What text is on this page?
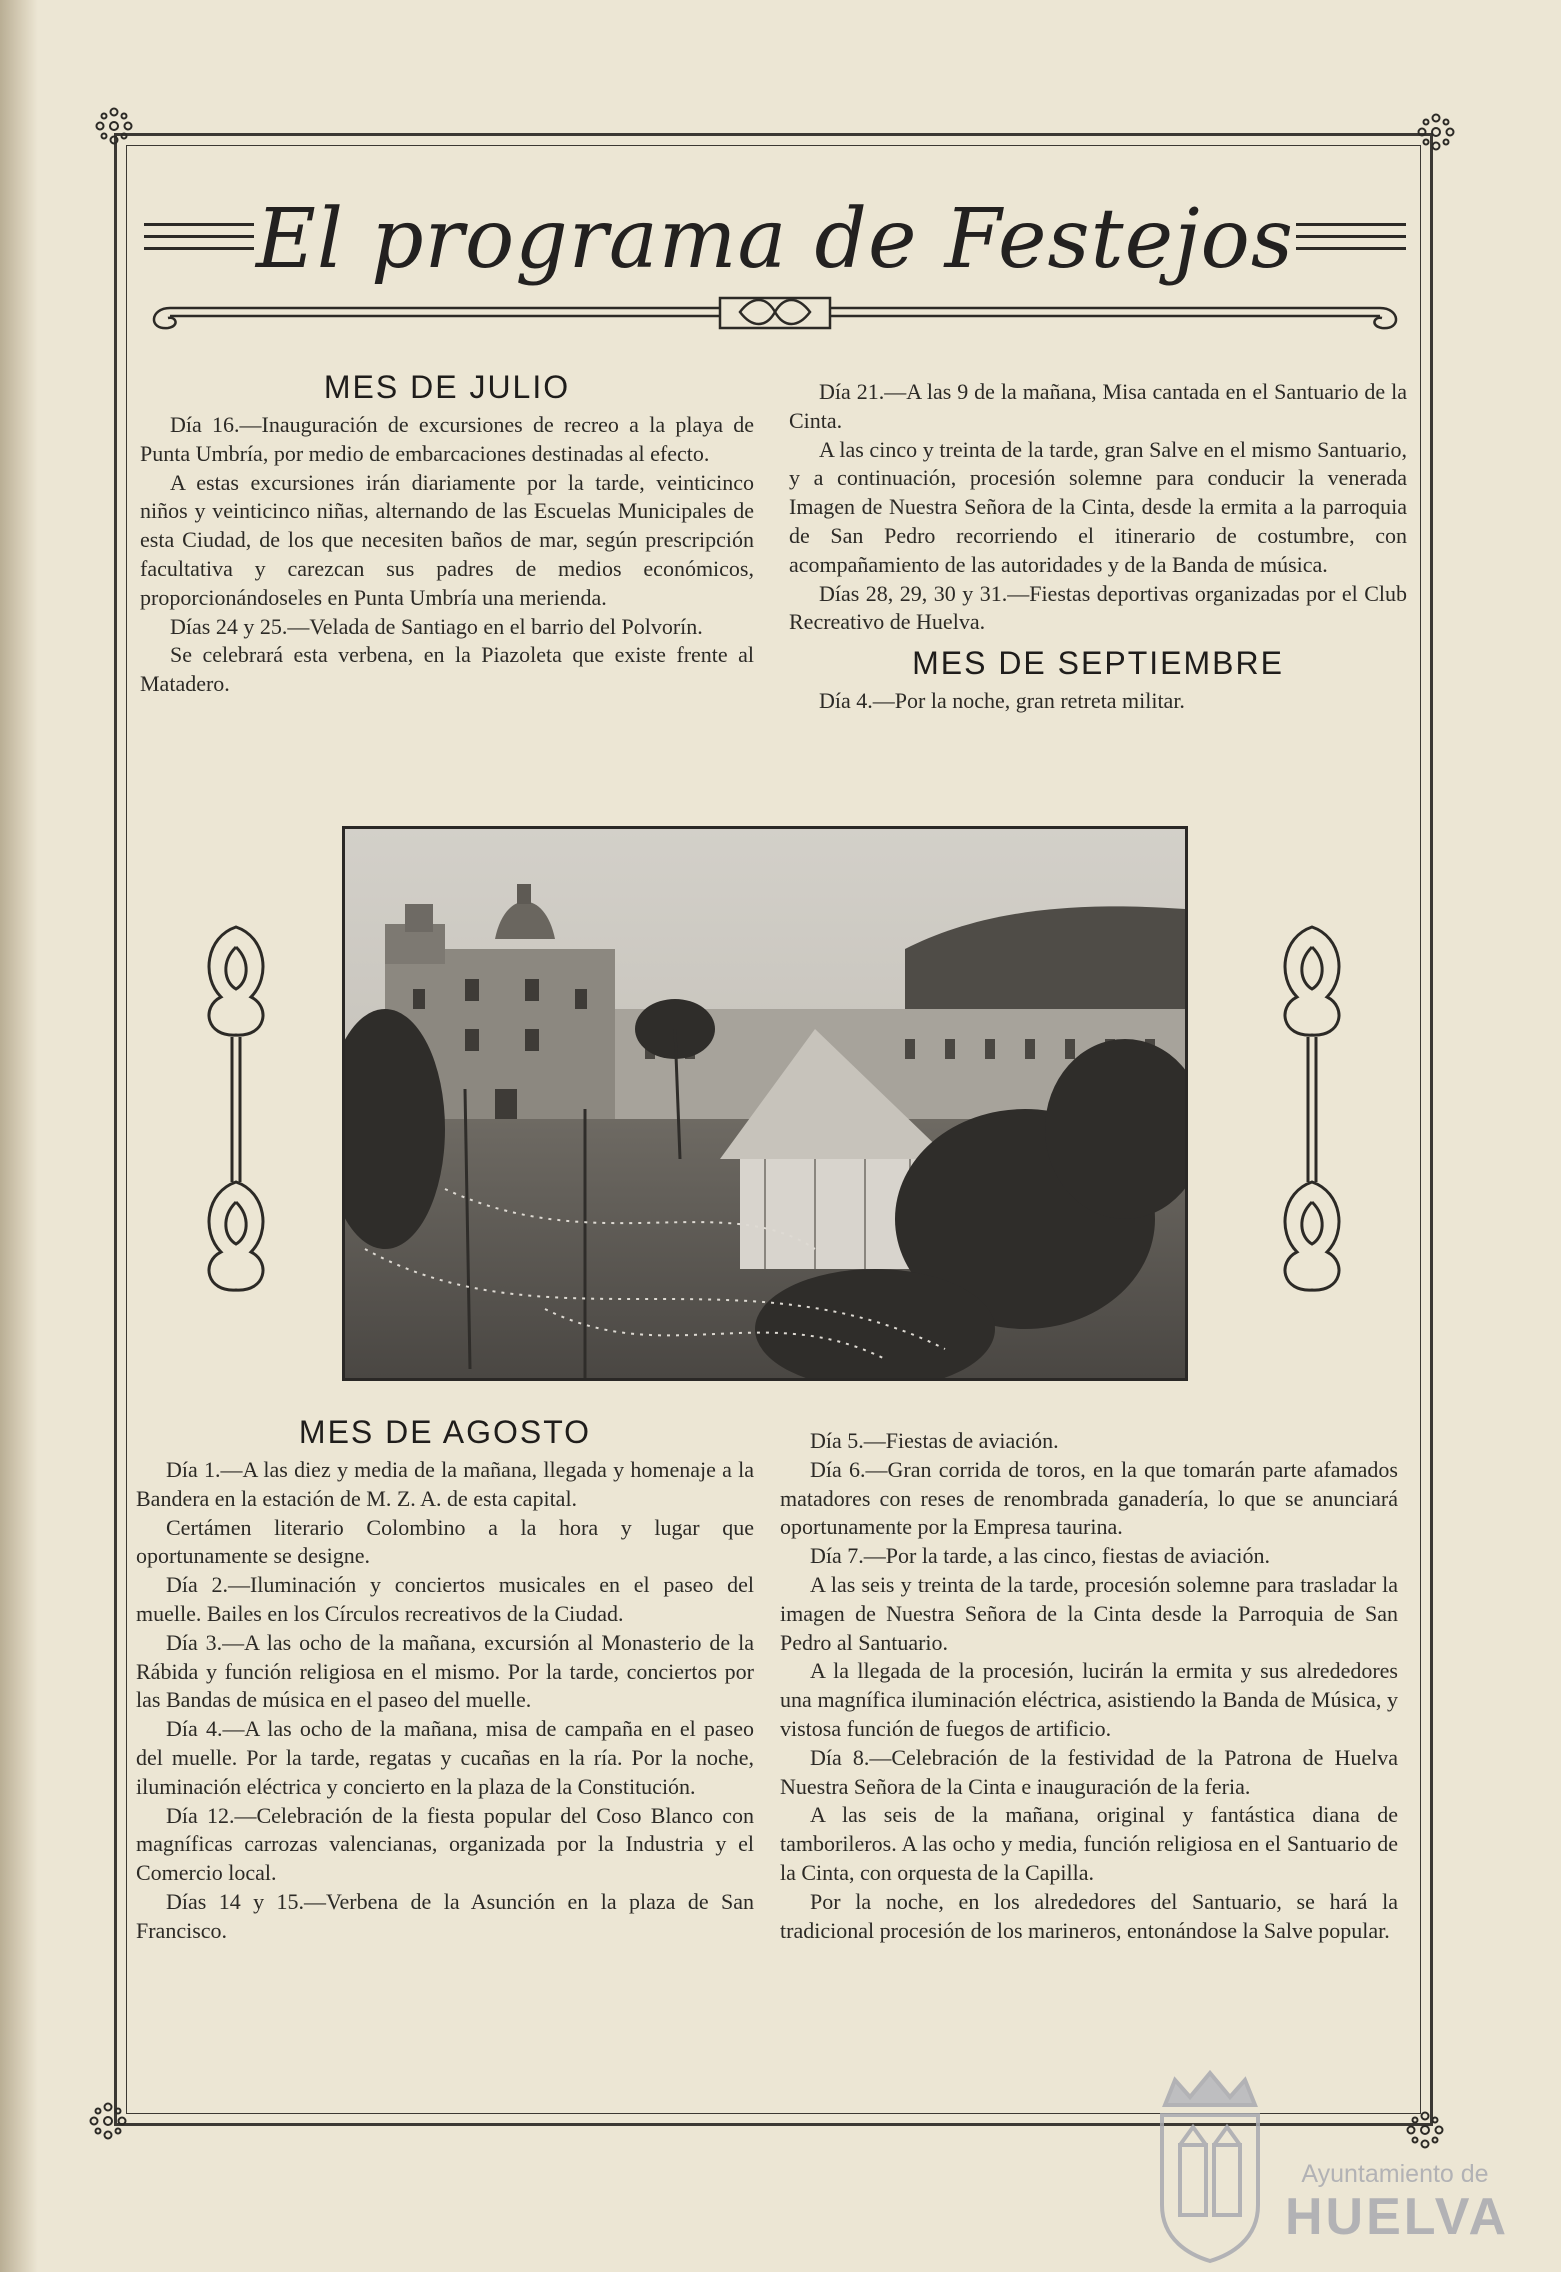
El programa de Festejos
MES DE JULIO

Día 16.—Inauguración de excursiones de recreo a la playa de Punta Umbría, por medio de embarcaciones destinadas al efecto.

A estas excursiones irán diariamente por la tarde, veinticinco niños y veinticinco niñas, alternando de las Escuelas Municipales de esta Ciudad, de los que necesiten baños de mar, según prescripción facultativa y carezcan sus padres de medios económicos, proporcionándoseles en Punta Umbría una merienda.

Días 24 y 25.—Velada de Santiago en el barrio del Polvorín.

Se celebrará esta verbena, en la Piazoleta que existe frente al Matadero.

Día 21.—A las 9 de la mañana, Misa cantada en el Santuario de la Cinta.

A las cinco y treinta de la tarde, gran Salve en el mismo Santuario, y a continuación, procesión solemne para conducir la venerada Imagen de Nuestra Señora de la Cinta, desde la ermita a la parroquia de San Pedro recorriendo el itinerario de costumbre, con acompañamiento de las autoridades y de la Banda de música.

Días 28, 29, 30 y 31.—Fiestas deportivas organizadas por el Club Recreativo de Huelva.

MES DE SEPTIEMBRE

Día 4.—Por la noche, gran retreta militar.

MES DE AGOSTO

Día 1.—A las diez y media de la mañana, llegada y homenaje a la Bandera en la estación de M. Z. A. de esta capital.

Certámen literario Colombino a la hora y lugar que oportunamente se designe.

Día 2.—Iluminación y conciertos musicales en el paseo del muelle. Bailes en los Círculos recreativos de la Ciudad.

Día 3.—A las ocho de la mañana, excursión al Monasterio de la Rábida y función religiosa en el mismo. Por la tarde, conciertos por las Bandas de música en el paseo del muelle.

Día 4.—A las ocho de la mañana, misa de campaña en el paseo del muelle. Por la tarde, regatas y cucañas en la ría. Por la noche, iluminación eléctrica y concierto en la plaza de la Constitución.

Día 12.—Celebración de la fiesta popular del Coso Blanco con magníficas carrozas valencianas, organizada por la Industria y el Comercio local.

Días 14 y 15.—Verbena de la Asunción en la plaza de San Francisco.

Día 5.—Fiestas de aviación.

Día 6.—Gran corrida de toros, en la que tomarán parte afamados matadores con reses de renombrada ganadería, lo que se anunciará oportunamente por la Empresa taurina.

Día 7.—Por la tarde, a las cinco, fiestas de aviación.

A las seis y treinta de la tarde, procesión solemne para trasladar la imagen de Nuestra Señora de la Cinta desde la Parroquia de San Pedro al Santuario.

A la llegada de la procesión, lucirán la ermita y sus alrededores una magnífica iluminación eléctrica, asistiendo la Banda de Música, y vistosa función de fuegos de artificio.

Día 8.—Celebración de la festividad de la Patrona de Huelva Nuestra Señora de la Cinta e inauguración de la feria.

A las seis de la mañana, original y fantástica diana de tamborileros. A las ocho y media, función religiosa en el Santuario de la Cinta, con orquesta de la Capilla.

Por la noche, en los alrededores del Santuario, se hará la tradicional procesión de los marineros, entonándose la Salve popular.

Ayuntamiento de
HUELVA
